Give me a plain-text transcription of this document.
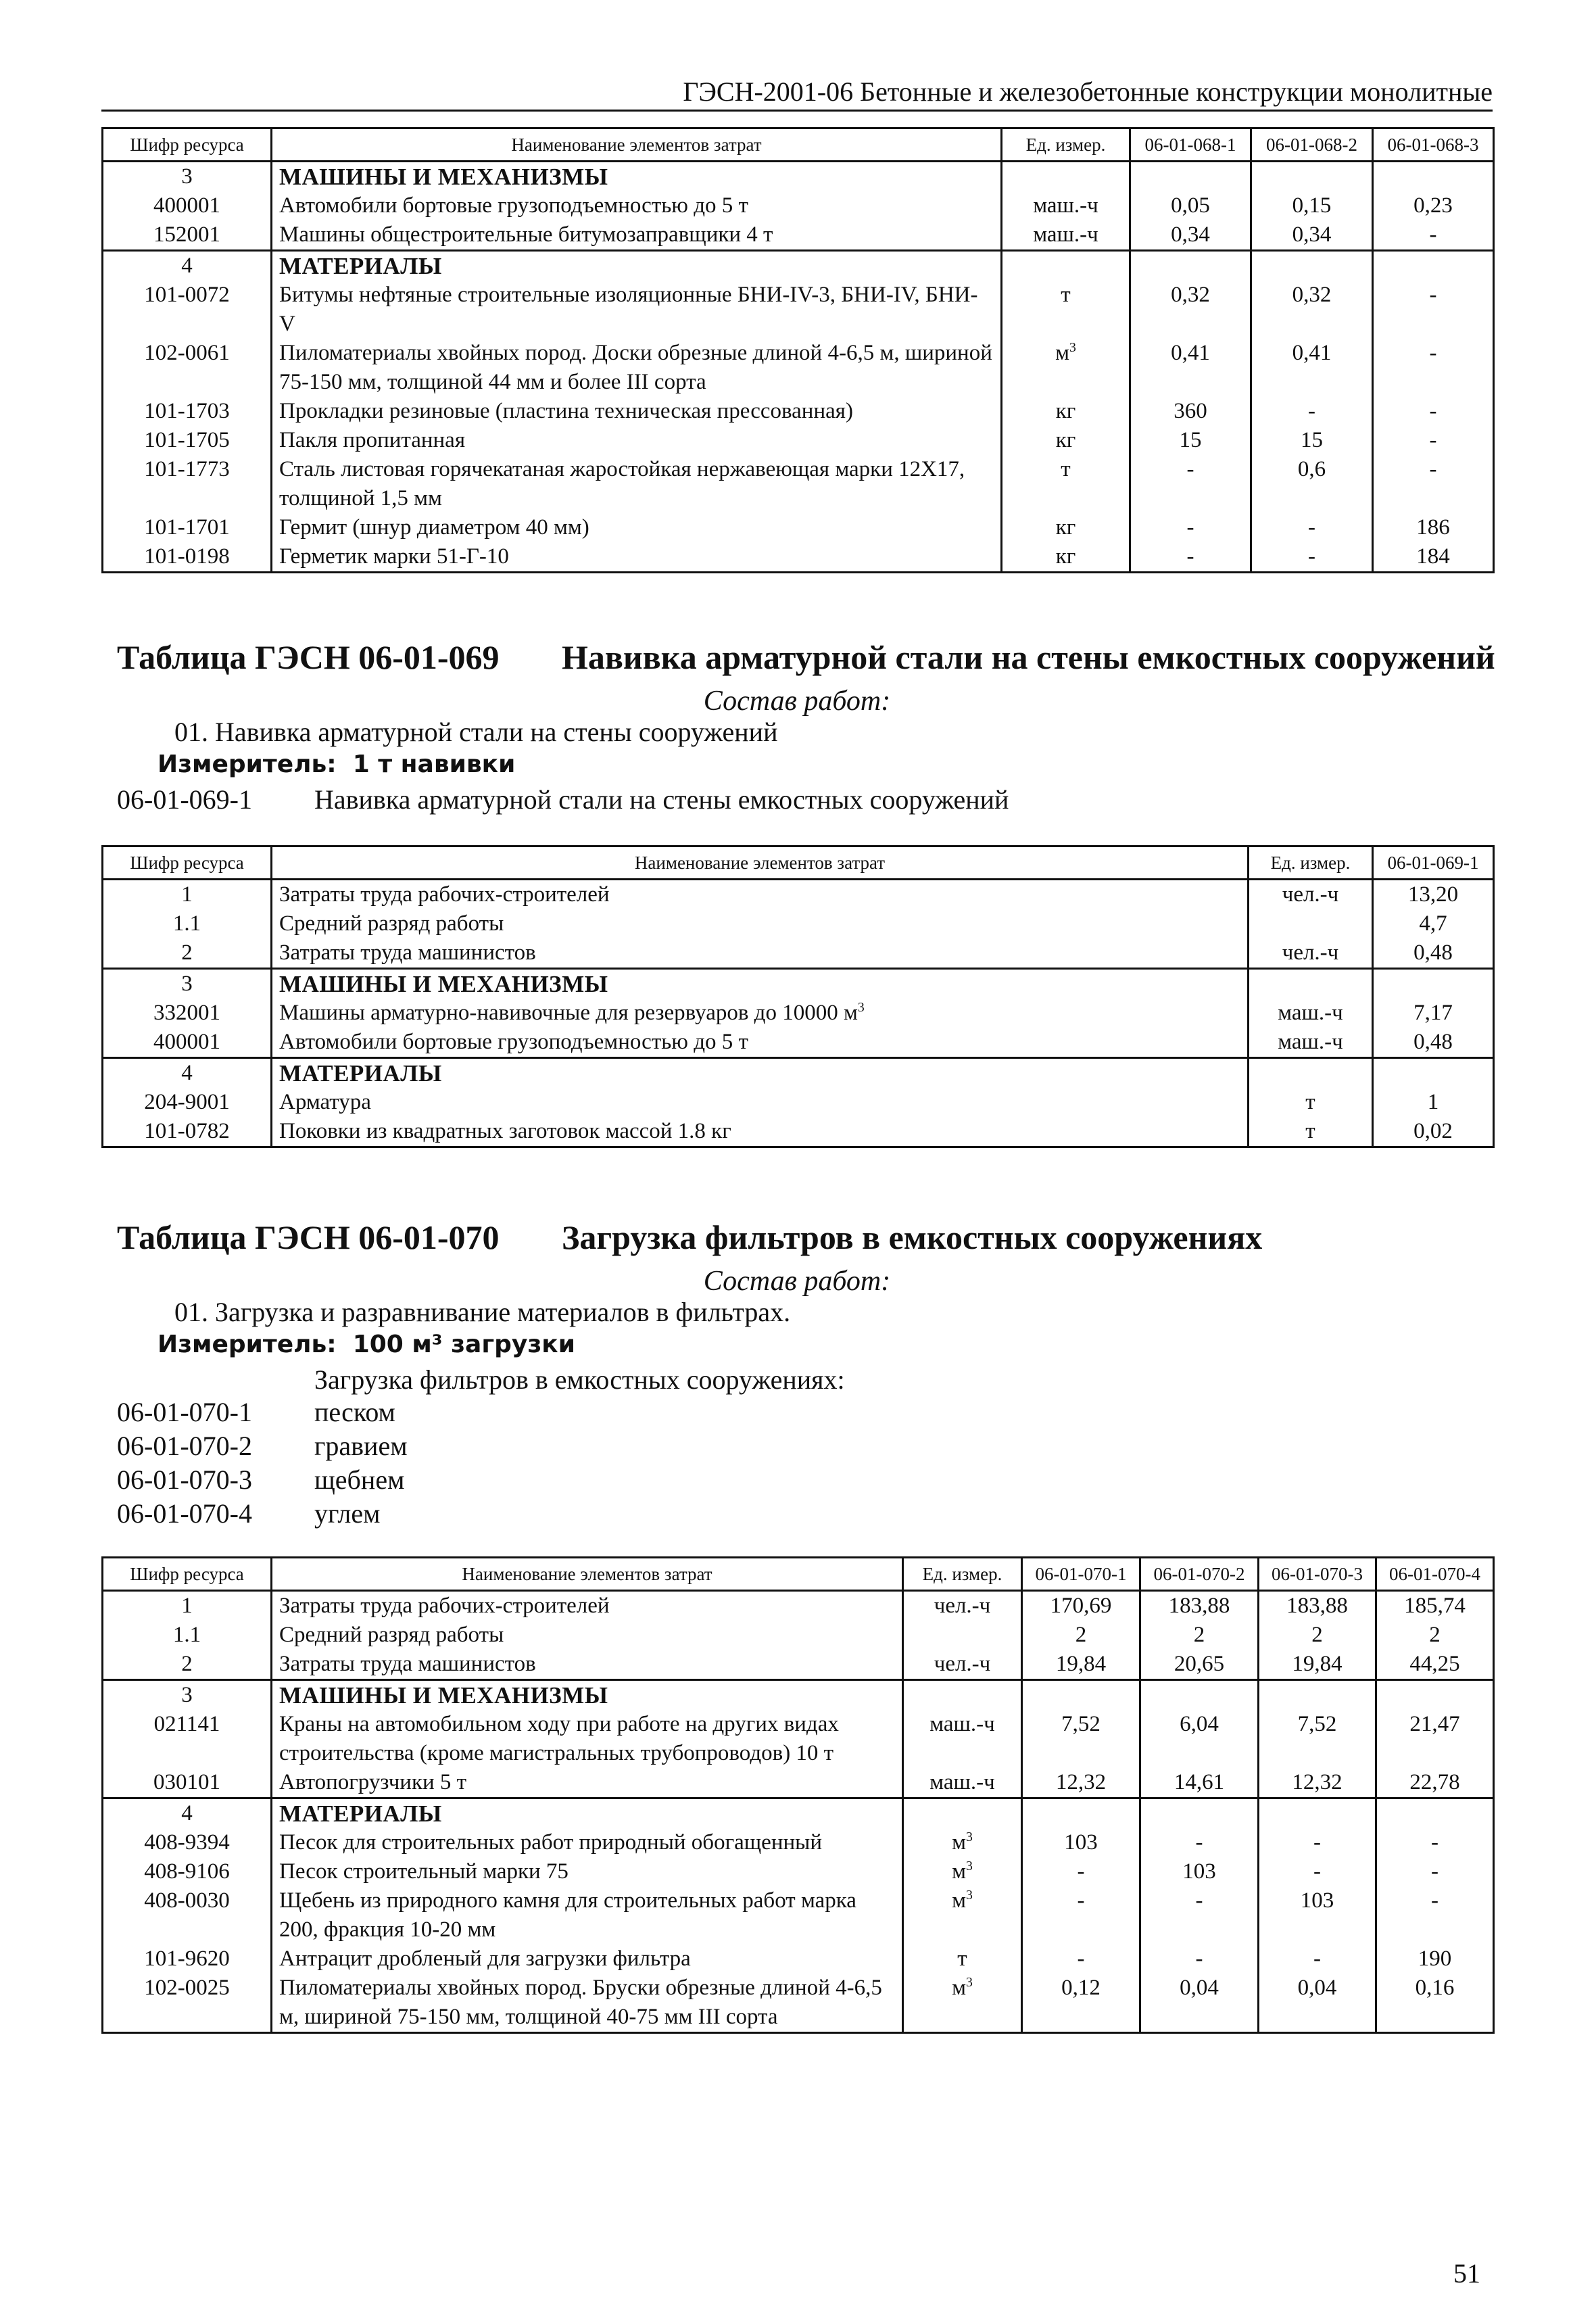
ГЭСН-2001-06 Бетонные и железобетонные конструкции монолитные
Шифр ресурса	Наименование элементов затрат	Ед. измер.	06-01-068-1	06-01-068-2	06-01-068-3
3	МАШИНЫ И МЕХАНИЗМЫ				
400001	Автомобили бортовые грузоподъемностью до 5 т	маш.-ч	0,05	0,15	0,23
152001	Машины общестроительные битумозаправщики 4 т	маш.-ч	0,34	0,34	-
4	МАТЕРИАЛЫ				
101-0072	Битумы нефтяные строительные изоляционные БНИ-IV-3, БНИ-IV, БНИ-V	т	0,32	0,32	-
102-0061	Пиломатериалы хвойных пород. Доски обрезные длиной 4-6,5 м, шириной 75-150 мм, толщиной 44 мм и более III сорта	$м^3$	0,41	0,41	-
101-1703	Прокладки резиновые (пластина техническая прессованная)	кг	360	-	-
101-1705	Пакля пропитанная	кг	15	15	-
101-1773	Сталь листовая горячекатаная жаростойкая нержавеющая марки 12Х17, толщиной 1,5 мм	т	-	0,6	-
101-1701	Гермит (шнур диаметром 40 мм)	кг	-	-	186
101-0198	Герметик марки 51-Г-10	кг	-	-	184
Таблица ГЭСН 06-01-069 Навивка арматурной стали на стены емкостных сооружений
Состав работ:
01. Навивка арматурной стали на стены сооружений
Измеритель: 1 т навивки
06-01-069-1 Навивка арматурной стали на стены емкостных сооружений
Шифр ресурса	Наименование элементов затрат	Ед. измер.	06-01-069-1
1	Затраты труда рабочих-строителей	чел.-ч	13,20
1.1	Средний разряд работы		4,7
2	Затраты труда машинистов	чел.-ч	0,48
3	МАШИНЫ И МЕХАНИЗМЫ		
332001	Машины арматурно-навивочные для резервуаров до 10000 $м^3$	маш.-ч	7,17
400001	Автомобили бортовые грузоподъемностью до 5 т	маш.-ч	0,48
4	МАТЕРИАЛЫ		
204-9001	Арматура	т	1
101-0782	Поковки из квадратных заготовок массой 1.8 кг	т	0,02
Таблица ГЭСН 06-01-070 Загрузка фильтров в емкостных сооружениях
Состав работ:
01. Загрузка и разравнивание материалов в фильтрах.
Измеритель: 100 м³ загрузки
Загрузка фильтров в емкостных сооружениях:
06-01-070-1 песком
06-01-070-2 гравием
06-01-070-3 щебнем
06-01-070-4 углем
Шифр ресурса	Наименование элементов затрат	Ед. измер.	06-01-070-1	06-01-070-2	06-01-070-3	06-01-070-4
1	Затраты труда рабочих-строителей	чел.-ч	170,69	183,88	183,88	185,74
1.1	Средний разряд работы		2	2	2	2
2	Затраты труда машинистов	чел.-ч	19,84	20,65	19,84	44,25
3	МАШИНЫ И МЕХАНИЗМЫ					
021141	Краны на автомобильном ходу при работе на других видах строительства (кроме магистральных трубопроводов) 10 т	маш.-ч	7,52	6,04	7,52	21,47
030101	Автопогрузчики 5 т	маш.-ч	12,32	14,61	12,32	22,78
4	МАТЕРИАЛЫ					
408-9394	Песок для строительных работ природный обогащенный	$м^3$	103	-	-	-
408-9106	Песок строительный марки 75	$м^3$	-	103	-	-
408-0030	Щебень из природного камня для строительных работ марка 200, фракция 10-20 мм	$м^3$	-	-	103	-
101-9620	Антрацит дробленый для загрузки фильтра	т	-	-	-	190
102-0025	Пиломатериалы хвойных пород. Бруски обрезные длиной 4-6,5 м, шириной 75-150 мм, толщиной 40-75 мм III сорта	$м^3$	0,12	0,04	0,04	0,16
51
